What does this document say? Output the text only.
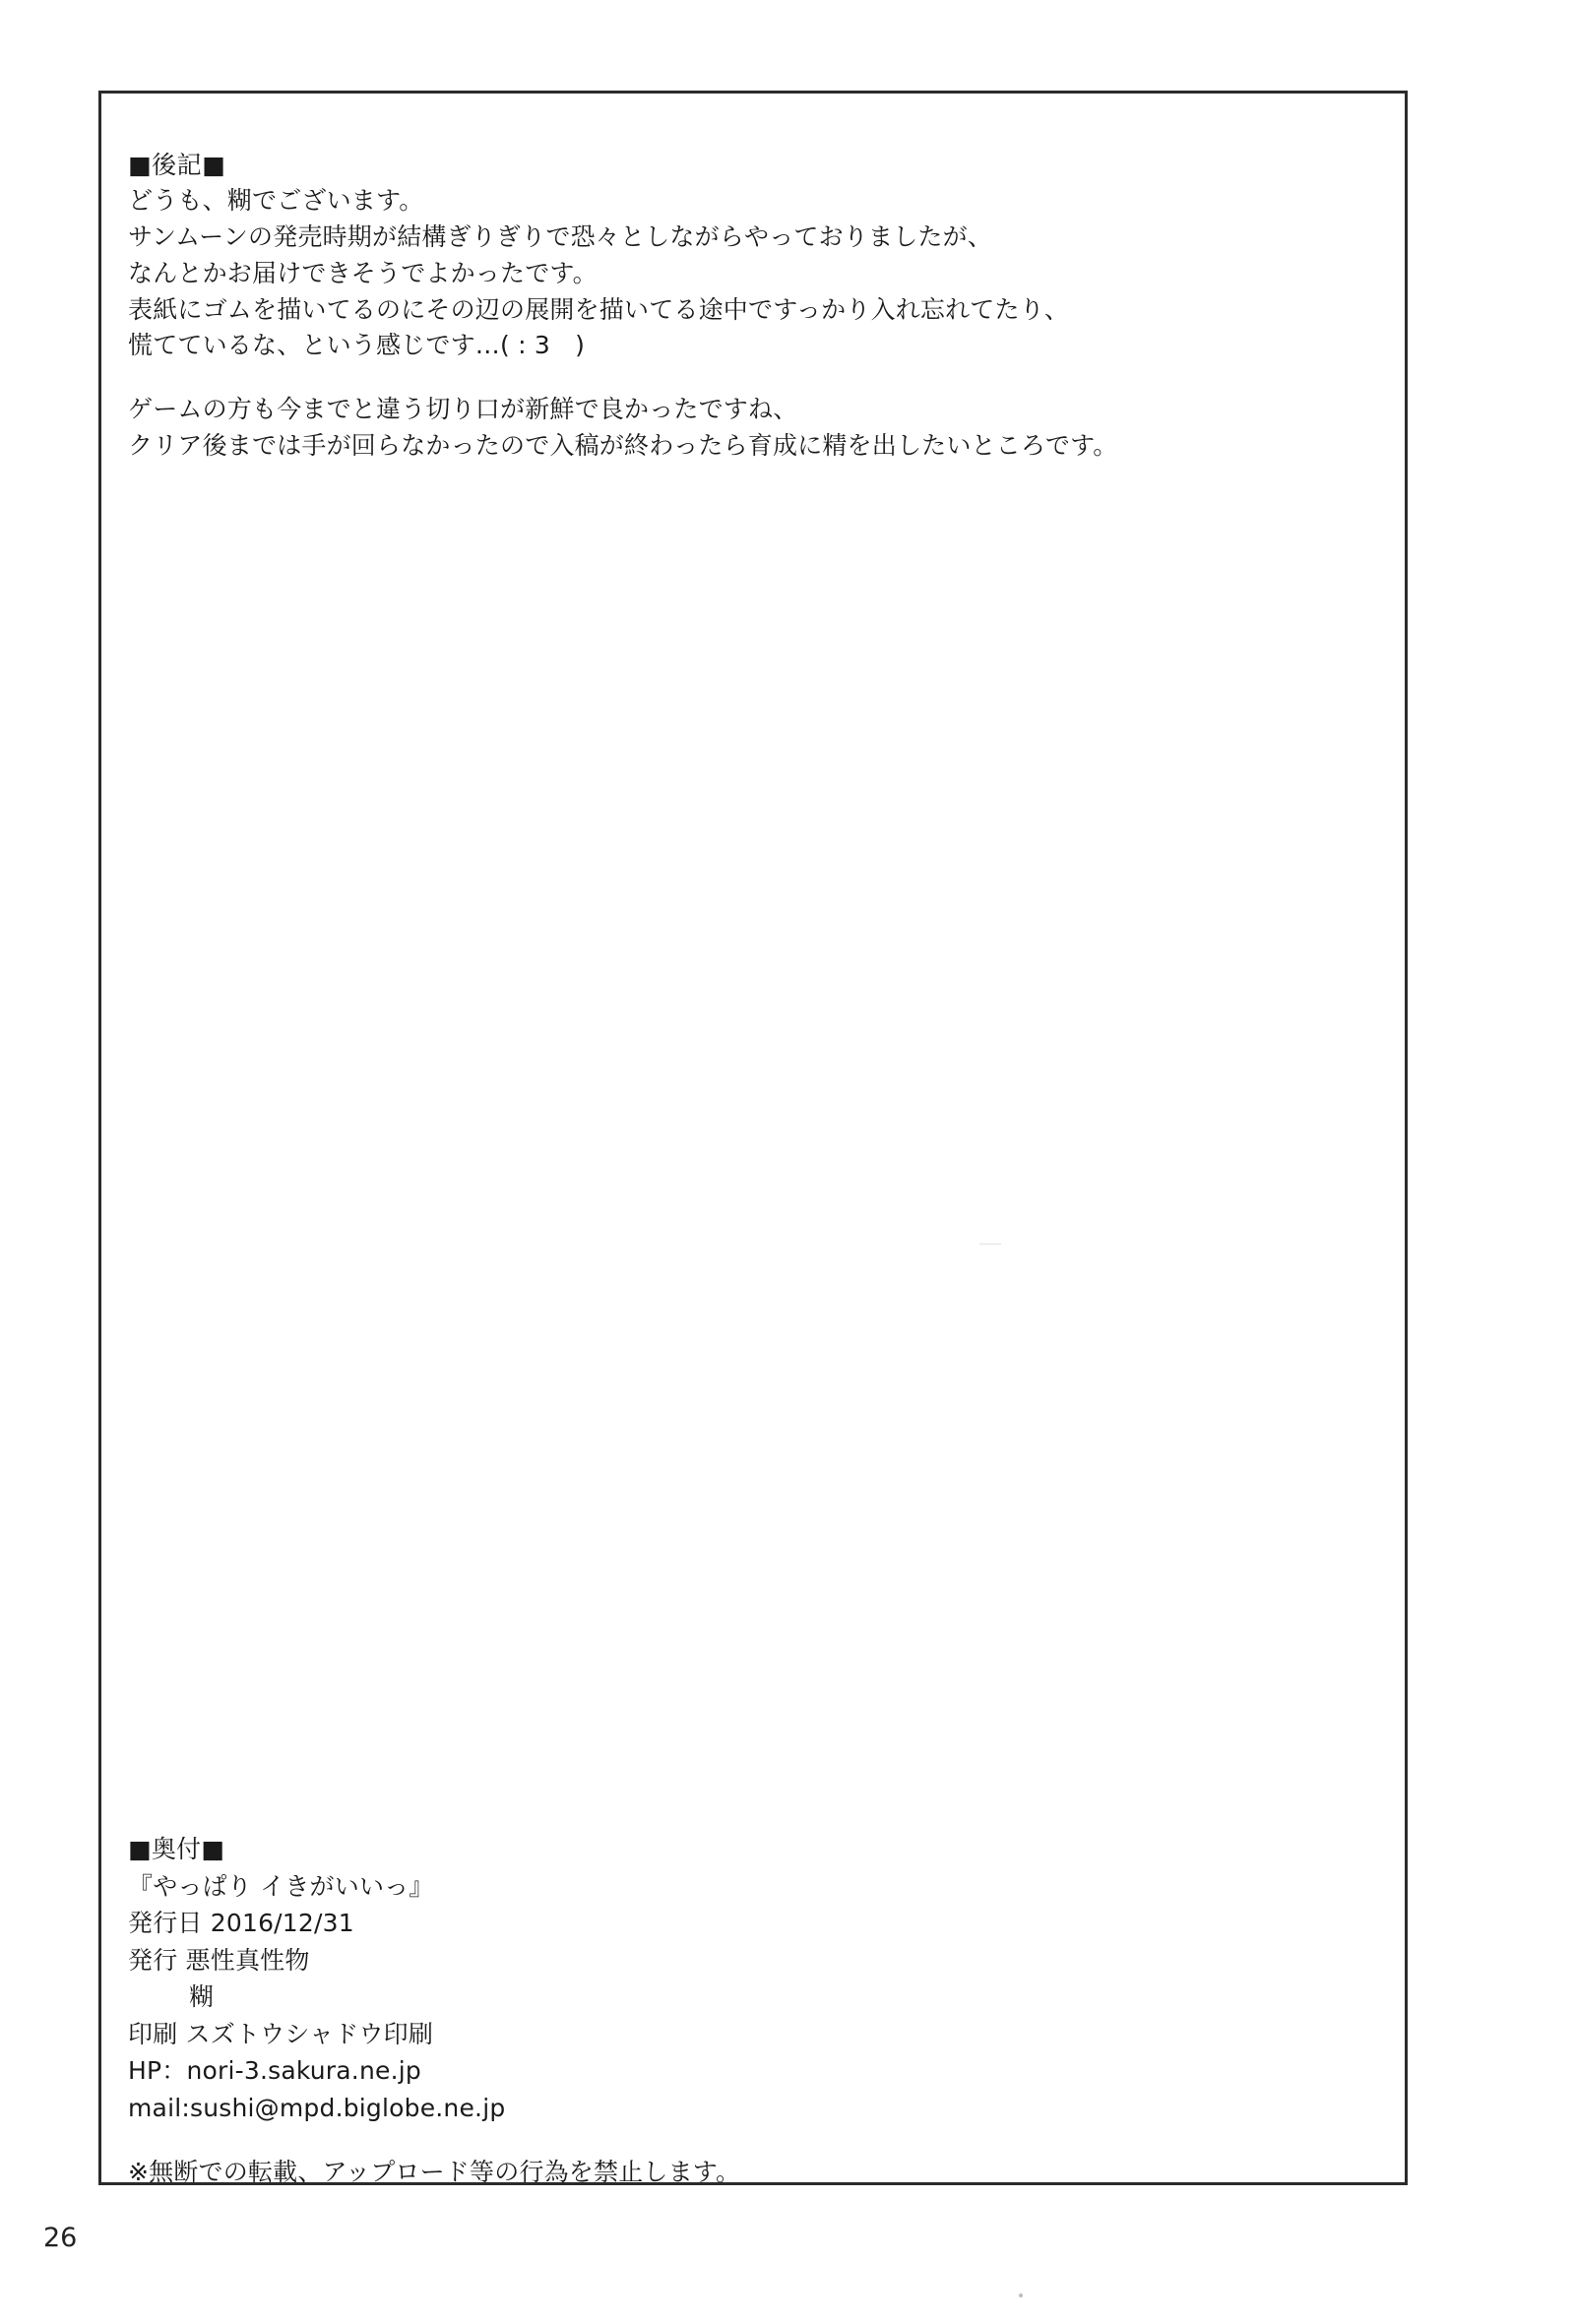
■後記■
どうも、糊でございます。
サンムーンの発売時期が結構ぎりぎりで恐々としながらやっておりましたが、
なんとかお届けできそうでよかったです。
表紙にゴムを描いてるのにその辺の展開を描いてる途中ですっかり入れ忘れてたり、
慌てているな、という感じです…( : 3　)
ゲームの方も今までと違う切り口が新鮮で良かったですね、
クリア後までは手が回らなかったので入稿が終わったら育成に精を出したいところです。
■奥付■
『やっぱり イきがいいっ』
発行日 2016/12/31
発行 悪性真性物
糊
印刷 スズトウシャドウ印刷
HP：nori-3.sakura.ne.jp
mail:sushi@mpd.biglobe.ne.jp
※無断での転載、アップロード等の行為を禁止します。
26
